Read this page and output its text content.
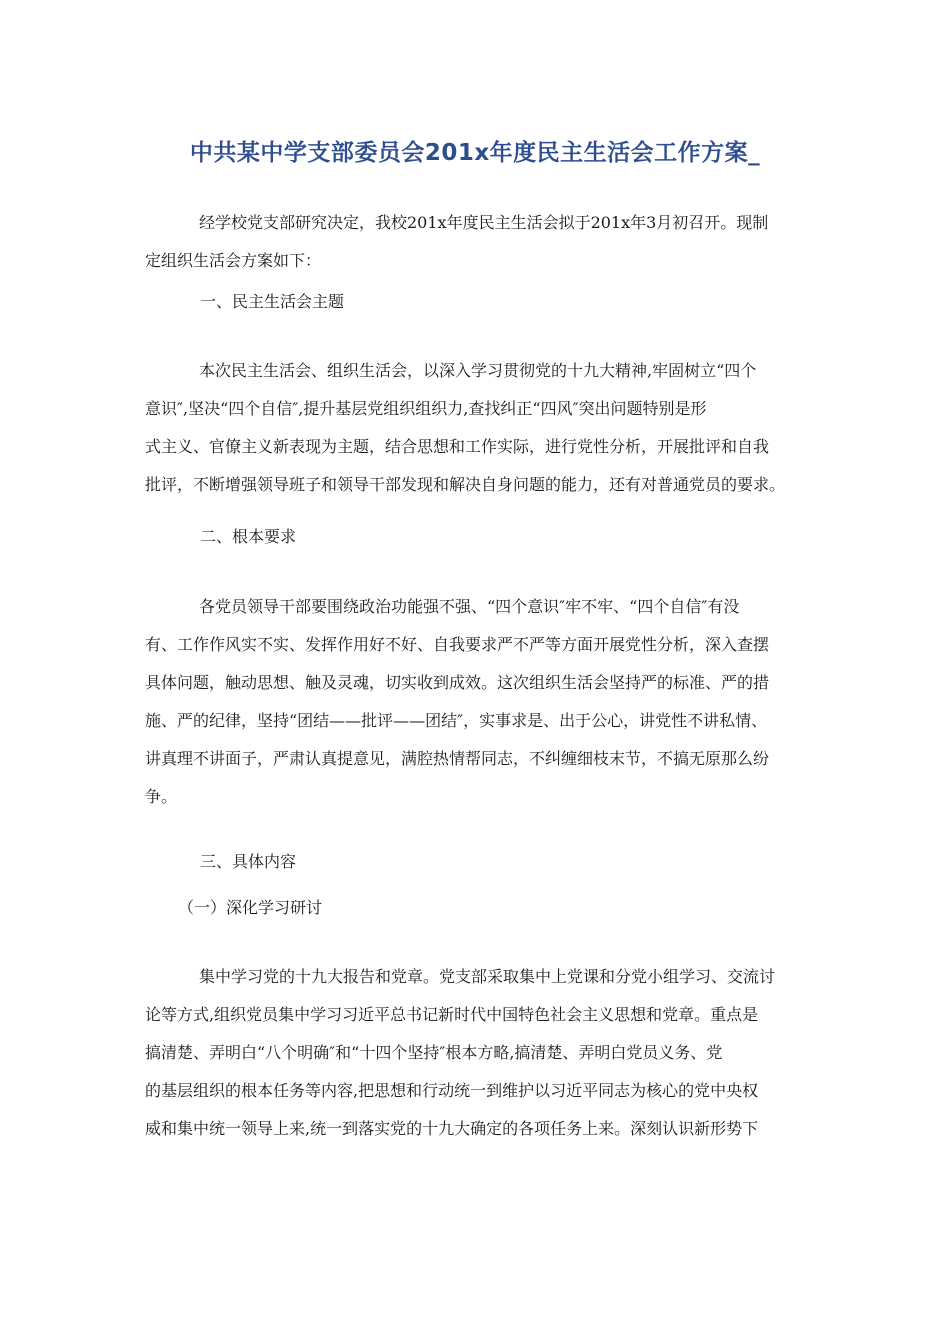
中共某中学支部委员会201x年度民主生活会工作方案_
经学校党支部研究决定，我校201x年度民主生活会拟于201x年3月初召开。现制
定组织生活会方案如下：
一、民主生活会主题
本次民主生活会、组织生活会，以深入学习贯彻党的十九大精神,牢固树立“四个
意识″,坚决“四个自信″,提升基层党组织组织力,查找纠正“四风″突出问题特别是形
式主义、官僚主义新表现为主题，结合思想和工作实际，进行党性分析，开展批评和自我
批评，不断增强领导班子和领导干部发现和解决自身问题的能力，还有对普通党员的要求。
二、根本要求
各党员领导干部要围绕政治功能强不强、“四个意识″牢不牢、“四个自信″有没
有、工作作风实不实、发挥作用好不好、自我要求严不严等方面开展党性分析，深入查摆
具体问题，触动思想、触及灵魂，切实收到成效。这次组织生活会坚持严的标准、严的措
施、严的纪律，坚持“团结——批评——团结″，实事求是、出于公心，讲党性不讲私情、
讲真理不讲面子，严肃认真提意见，满腔热情帮同志，不纠缠细枝末节，不搞无原那么纷
争。
三、具体内容
（一）深化学习研讨
集中学习党的十九大报告和党章。党支部采取集中上党课和分党小组学习、交流讨
论等方式,组织党员集中学习习近平总书记新时代中国特色社会主义思想和党章。重点是
搞清楚、弄明白“八个明确″和“十四个坚持″根本方略,搞清楚、弄明白党员义务、党
的基层组织的根本任务等内容,把思想和行动统一到维护以习近平同志为核心的党中央权
威和集中统一领导上来,统一到落实党的十九大确定的各项任务上来。深刻认识新形势下
